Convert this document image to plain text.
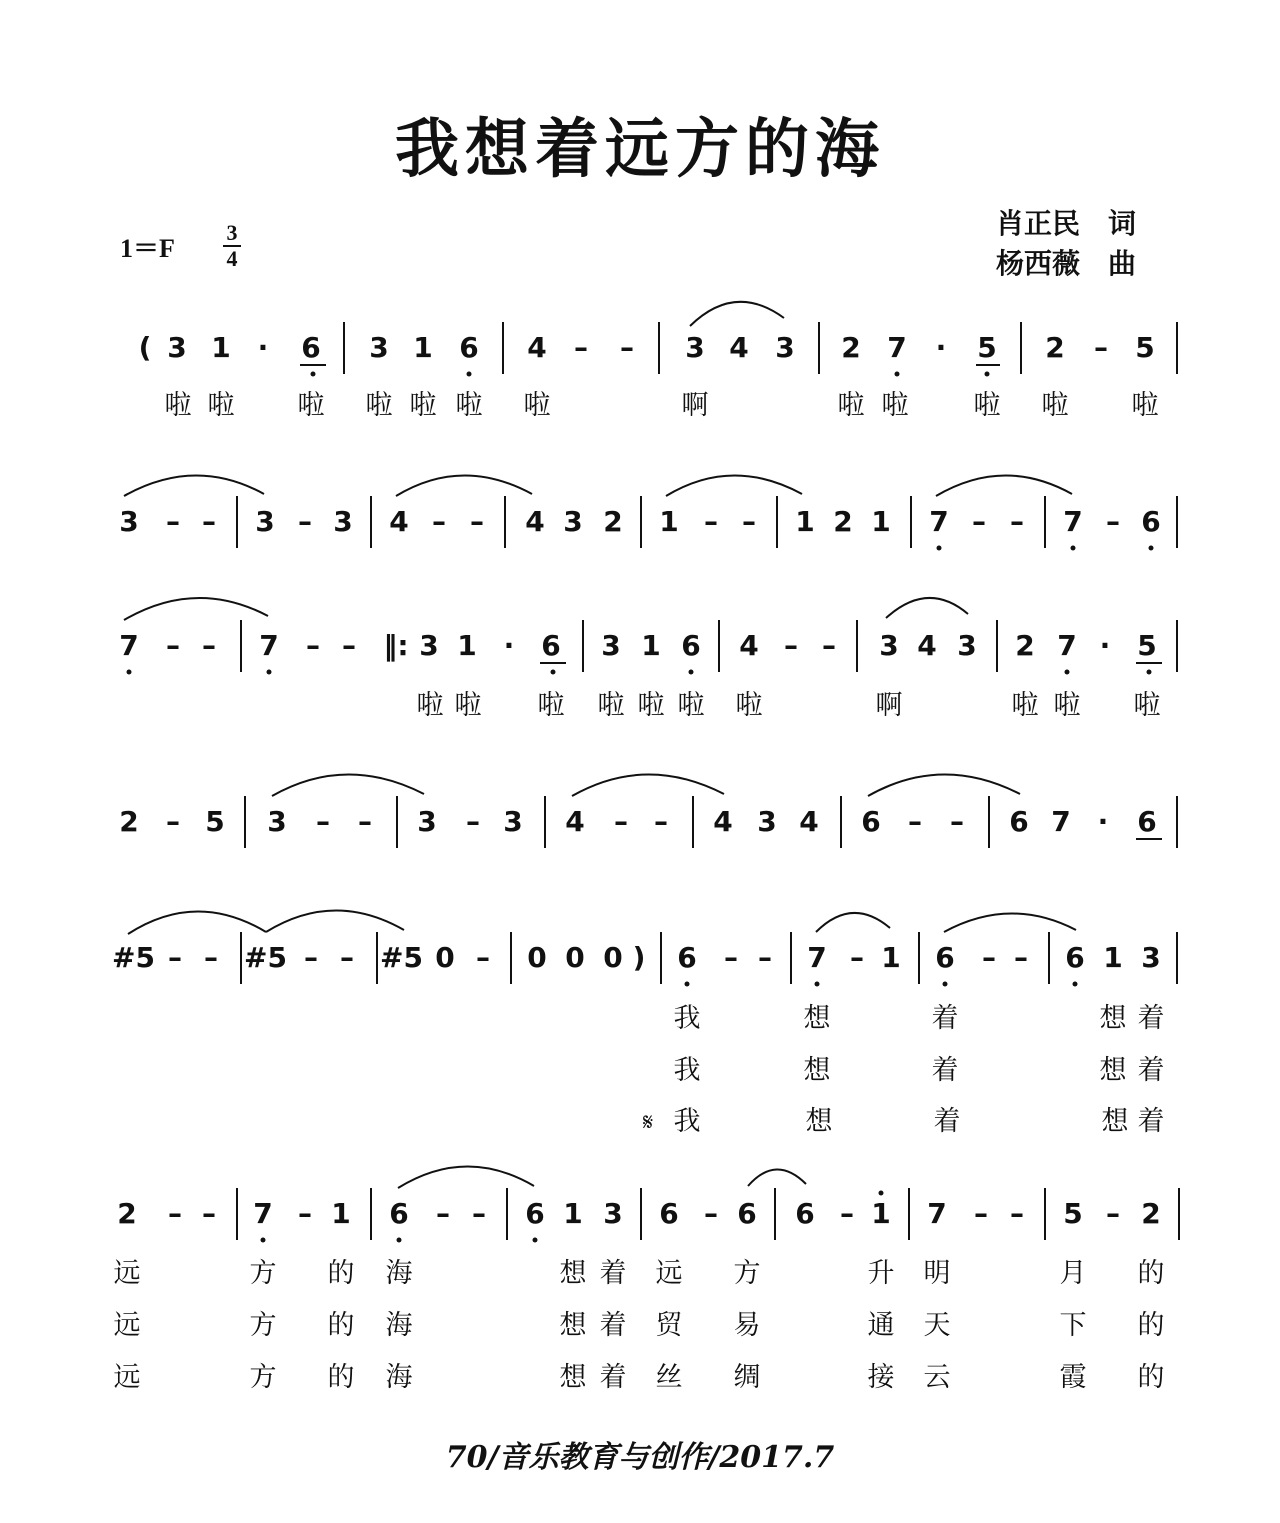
我想着远方的海
1＝F
3
4
肖正民　词
杨西薇　曲
( 3 1 ·	6 3 1 6 4 – – 3 4 3 2 7	·	5 2 – 5
啦 啦 啦 啦 啦 啦 啦	啊	啦 啦 啦 啦 啦
3 – – 3 – 3 4 – – 4 3 2 1 – – 1 2 1 7 – – 7 – 6
7 – – 7 – – ‖: 3 1 · 6 3 1 6 4 – – 3 4 3 2 7 · 5
啦 啦 啦 啦 啦 啦 啦	啊	啦 啦 啦
2 – 5 3 – – 3 – 3 4 – – 4 3 4 6 – – 6 7 ·	6
#5 – – #5 – – #5 0 – 0 0 0 )	6 – – 7 – 1 6 – – 6 1 3
我	想	着	想 着
我	想	着	想 着
𝄋 我	想	着	想 着
2 – – 7 – 1 6 – – 6 1 3 6 – 6 6 – 1 7 – – 5 – 2
远	方 的 海	想 着 远 方	升 明	月 的
远	方 的 海	想 着 贸 易	通 天	下 的
远	方 的 海	想 着 丝 绸	接 云	霞 的
70/音乐教育与创作/2017.7
